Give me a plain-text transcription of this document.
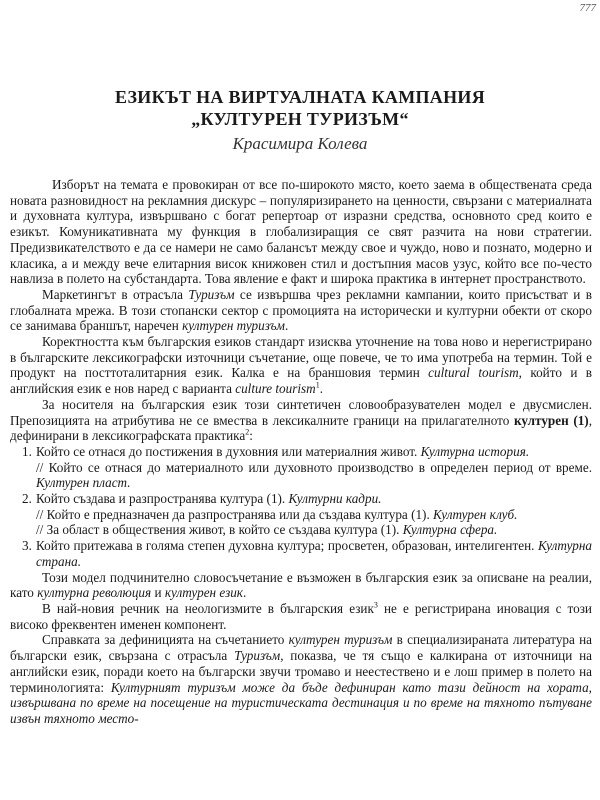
777
ЕЗИКЪТ НА ВИРТУАЛНАТА КАМПАНИЯ
„КУЛТУРЕН ТУРИЗЪМ“
Красимира Колева

Изборът на темата е провокиран от все по-широкото място, което заема в обществената среда новата разновидност на рекламния дискурс – популяризирането на ценности, свързани с материалната и духовната култура, извършвано с богат репертоар от изразни средства, основното сред които е езикът. Комуникативната му функция в глобализиращия се свят разчита на нови стратегии. Предизвикателството е да се намери не само балансът между свое и чуждо, ново и познато, модерно и класика, а и между вече елитарния висок книжовен стил и достъпния масов узус, който все по-често навлиза в полето на субстандарта. Това явление е факт и широка практика в интернет пространството.

Маркетингът в отрасъла Туризъм се извършва чрез рекламни кампании, които присъстват и в глобалната мрежа. В този стопански сектор с промоцията на исторически и културни обекти от скоро се занимава браншът, наречен културен туризъм.

Коректността към българския езиков стандарт изисква уточнение на това ново и нерегистрирано в българските лексикографски източници съчетание, още повече, че то има употреба на термин. Той е продукт на посттоталитарния език. Калка е на браншовия термин cultural tourism, който и в английския език е нов наред с варианта culture tourism$^1$.

За носителя на българския език този синтетичен словообразувателен модел е двусмислен. Препозицията на атрибутива не се вмества в лексикалните граници на прилагателното културен (1), дефинирани в лексикографската практика$^2$:

1. Който се отнася до постижения в духовния или материалния живот. Културна история.
// Който се отнася до материалното или духовното производство в определен период от време. Културен пласт.
2. Който създава и разпространява култура (1). Културни кадри.
// Който е предназначен да разпространява или да създава култура (1). Културен клуб.
// За област в обществения живот, в който се създава култура (1). Културна сфера.
3. Който притежава в голяма степен духовна култура; просветен, образован, интелигентен. Културна страна.

Този модел подчинително словосъчетание е възможен в българския език за описване на реалии, като културна революция и културен език.

В най-новия речник на неологизмите в българския език$^3$ не е регистрирана иновация с този високо фреквентен именен компонент.

Справката за дефиницията на съчетанието културен туризъм в специализираната литература на български език, свързана с отрасъла Туризъм, показва, че тя също е калкирана от източници на английски език, поради което на български звучи тромаво и неестествено и е лош пример в полето на терминологията: Културният туризъм може да бъде дефиниран като тази дейност на хората, извършвана по време на посещение на туристическата дестинация и по време на тяхното пътуване извън тяхното место-
